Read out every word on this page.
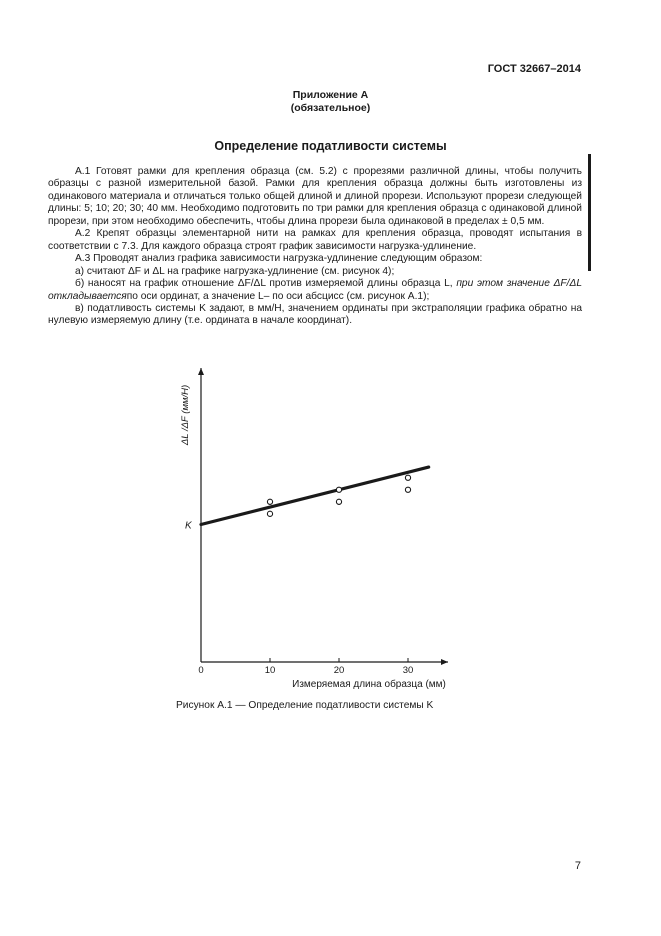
ГОСТ 32667–2014
Приложение А
(обязательное)
Определение податливости системы

А.1 Готовят рамки для крепления образца (см. 5.2) с прорезями различной длины, чтобы получить образцы с разной измерительной базой. Рамки для крепления образца должны быть изготовлены из одинакового материала и отличаться только общей длиной и длиной прорези. Используют прорези следующей длины: 5; 10; 20; 30; 40 мм. Необходимо подготовить по три рамки для крепления образца с одинаковой длиной прорези, при этом необходимо обеспечить, чтобы длина прорези была одинаковой в пределах ± 0,5 мм.

А.2 Крепят образцы элементарной нити на рамках для крепления образца, проводят испытания в соответствии с 7.3. Для каждого образца строят график зависимости нагрузка-удлинение.

А.3 Проводят анализ графика зависимости нагрузка-удлинение следующим образом:

а) считают ΔF и ΔL на графике нагрузка-удлинение (см. рисунок 4);

б) наносят на график отношение ΔF/ΔL против измеряемой длины образца L, при этом значение ΔF/ΔL откладываетсяпо оси ординат, а значение L– по оси абсцисс (см. рисунок А.1);

в) податливость системы K задают, в мм/Н, значением ординаты при экстраполяции графика обратно на нулевую измеряемую длину (т.е. ордината в начале координат).

0	10	20	30
Измеряемая длина образца (мм)
ΔL /ΔF (мм/Н)
K
Рисунок А.1 — Определение податливости системы K
7
